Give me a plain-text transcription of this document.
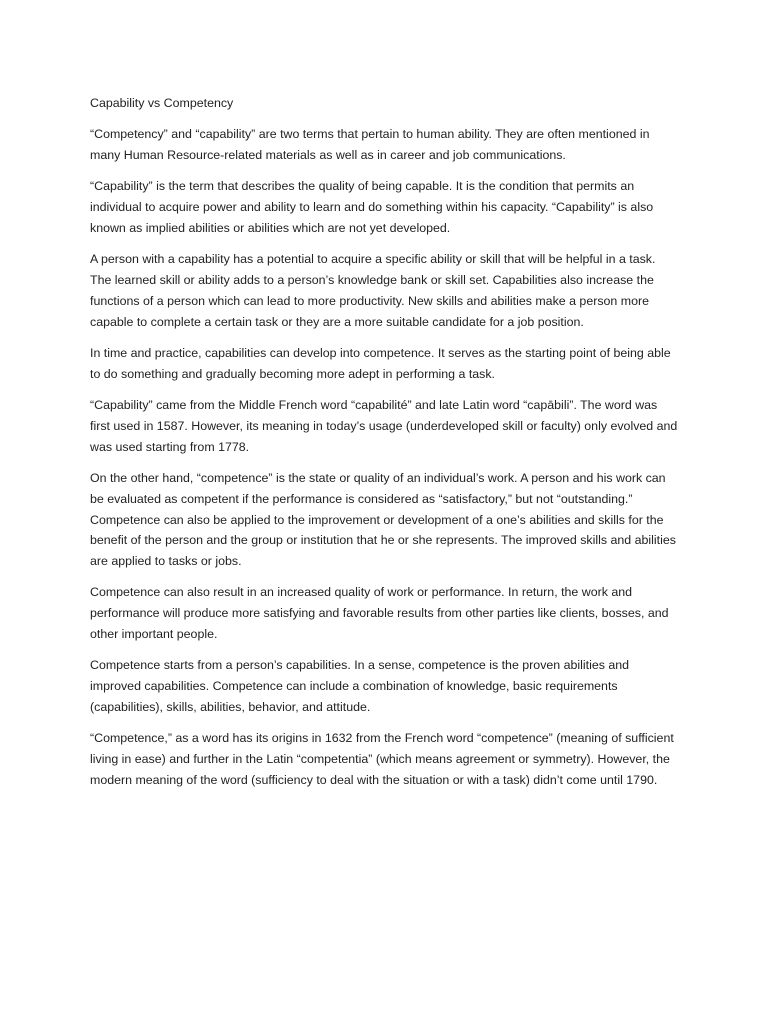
Capability vs Competency

“Competency” and “capability” are two terms that pertain to human ability. They are often mentioned in many Human Resource-related materials as well as in career and job communications.

“Capability” is the term that describes the quality of being capable. It is the condition that permits an individual to acquire power and ability to learn and do something within his capacity. “Capability” is also known as implied abilities or abilities which are not yet developed.

A person with a capability has a potential to acquire a specific ability or skill that will be helpful in a task. The learned skill or ability adds to a person’s knowledge bank or skill set. Capabilities also increase the functions of a person which can lead to more productivity. New skills and abilities make a person more capable to complete a certain task or they are a more suitable candidate for a job position.

In time and practice, capabilities can develop into competence. It serves as the starting point of being able to do something and gradually becoming more adept in performing a task.

“Capability” came from the Middle French word “capabilité” and late Latin word “capābili”. The word was first used in 1587. However, its meaning in today’s usage (underdeveloped skill or faculty) only evolved and was used starting from 1778.

On the other hand, “competence” is the state or quality of an individual’s work. A person and his work can be evaluated as competent if the performance is considered as “satisfactory,” but not “outstanding.” Competence can also be applied to the improvement or development of a one’s abilities and skills for the benefit of the person and the group or institution that he or she represents. The improved skills and abilities are applied to tasks or jobs.

Competence can also result in an increased quality of work or performance. In return, the work and performance will produce more satisfying and favorable results from other parties like clients, bosses, and other important people.

Competence starts from a person’s capabilities. In a sense, competence is the proven abilities and improved capabilities. Competence can include a combination of knowledge, basic requirements (capabilities), skills, abilities, behavior, and attitude.

“Competence,” as a word has its origins in 1632 from the French word “competence” (meaning of sufficient living in ease) and further in the Latin “competentia” (which means agreement or symmetry). However, the modern meaning of the word (sufficiency to deal with the situation or with a task) didn’t come until 1790.
